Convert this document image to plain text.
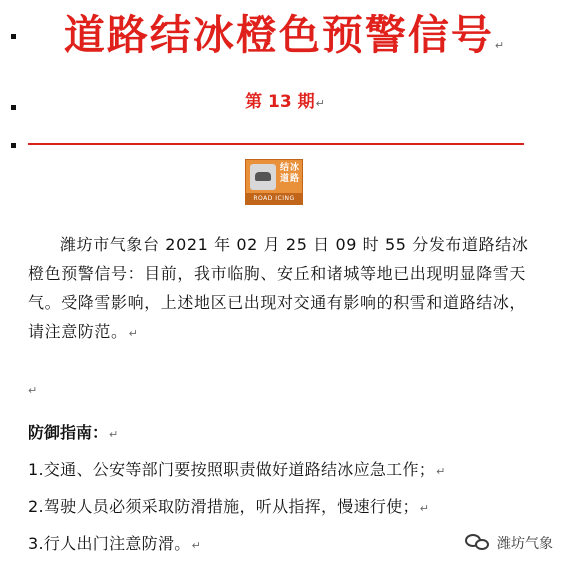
道路结冰橙色预警信号↵
第 13 期↵
结冰道路
ROAD ICING
潍坊市气象台 2021 年 02 月 25 日 09 时 55 分发布道路结冰橙色预警信号：目前，我市临朐、安丘和诸城等地已出现明显降雪天气。受降雪影响，上述地区已出现对交通有影响的积雪和道路结冰，请注意防范。↵
↵
防御指南：↵
1.交通、公安等部门要按照职责做好道路结冰应急工作；↵
2.驾驶人员必须采取防滑措施，听从指挥，慢速行使；↵
3.行人出门注意防滑。↵	潍坊气象
